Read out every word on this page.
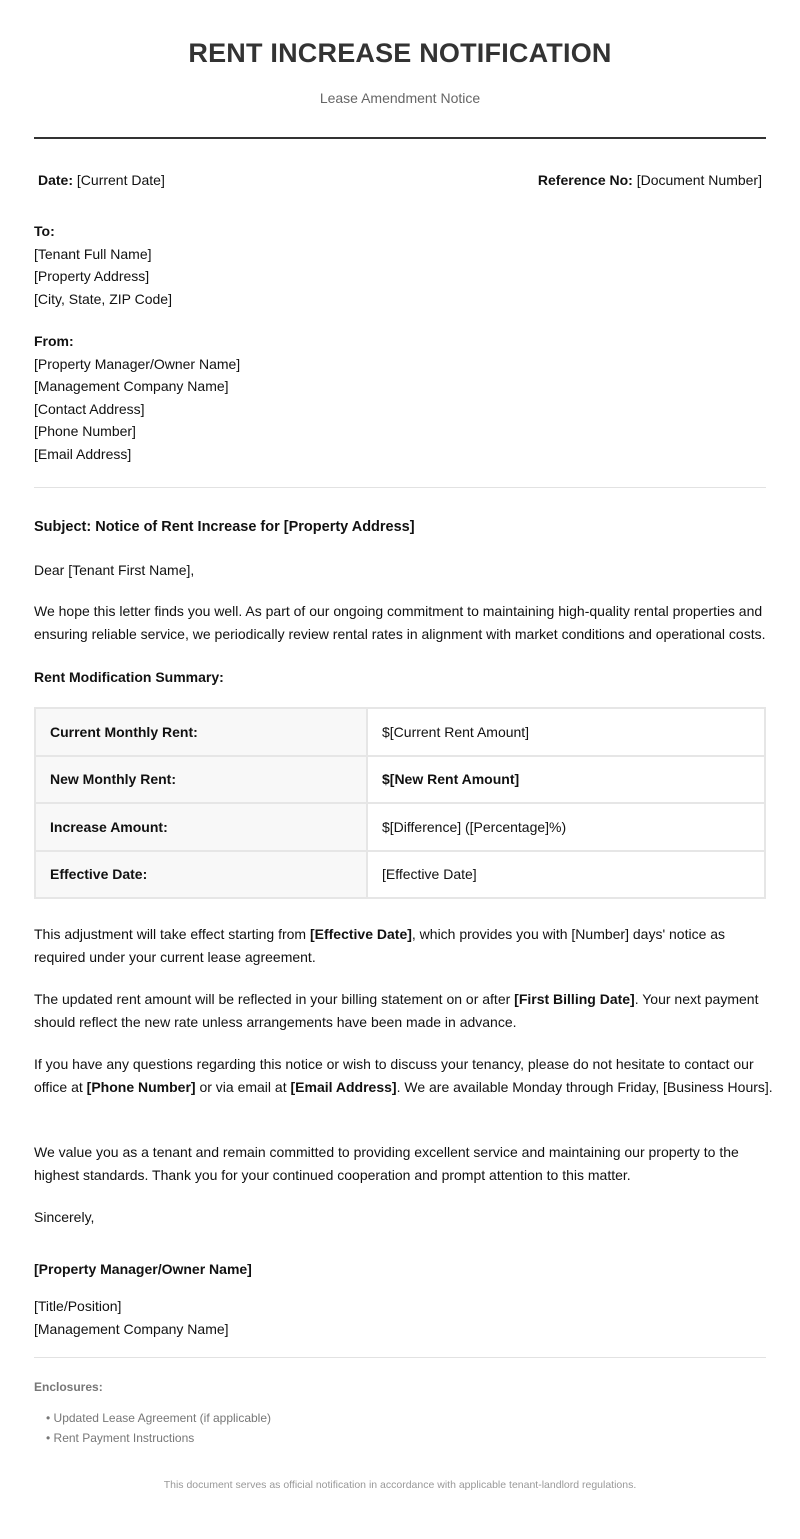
RENT INCREASE NOTIFICATION
Lease Amendment Notice
Date: [Current Date]	Reference No: [Document Number]
To:
[Tenant Full Name]
[Property Address]
[City, State, ZIP Code]
From:
[Property Manager/Owner Name]
[Management Company Name]
[Contact Address]
[Phone Number]
[Email Address]
Subject: Notice of Rent Increase for [Property Address]
Dear [Tenant First Name],
We hope this letter finds you well. As part of our ongoing commitment to maintaining high-quality rental properties and ensuring reliable service, we periodically review rental rates in alignment with market conditions and operational costs.
Rent Modification Summary:
Current Monthly Rent:	$[Current Rent Amount]
New Monthly Rent:	$[New Rent Amount]
Increase Amount:	$[Difference] ([Percentage]%)
Effective Date:	[Effective Date]
This adjustment will take effect starting from [Effective Date], which provides you with [Number] days' notice as required under your current lease agreement.
The updated rent amount will be reflected in your billing statement on or after [First Billing Date]. Your next payment should reflect the new rate unless arrangements have been made in advance.
If you have any questions regarding this notice or wish to discuss your tenancy, please do not hesitate to contact our office at [Phone Number] or via email at [Email Address]. We are available Monday through Friday, [Business Hours].
We value you as a tenant and remain committed to providing excellent service and maintaining our property to the highest standards. Thank you for your continued cooperation and prompt attention to this matter.
Sincerely,
[Property Manager/Owner Name]
[Title/Position]
[Management Company Name]
Enclosures:
• Updated Lease Agreement (if applicable)
• Rent Payment Instructions
This document serves as official notification in accordance with applicable tenant-landlord regulations.
